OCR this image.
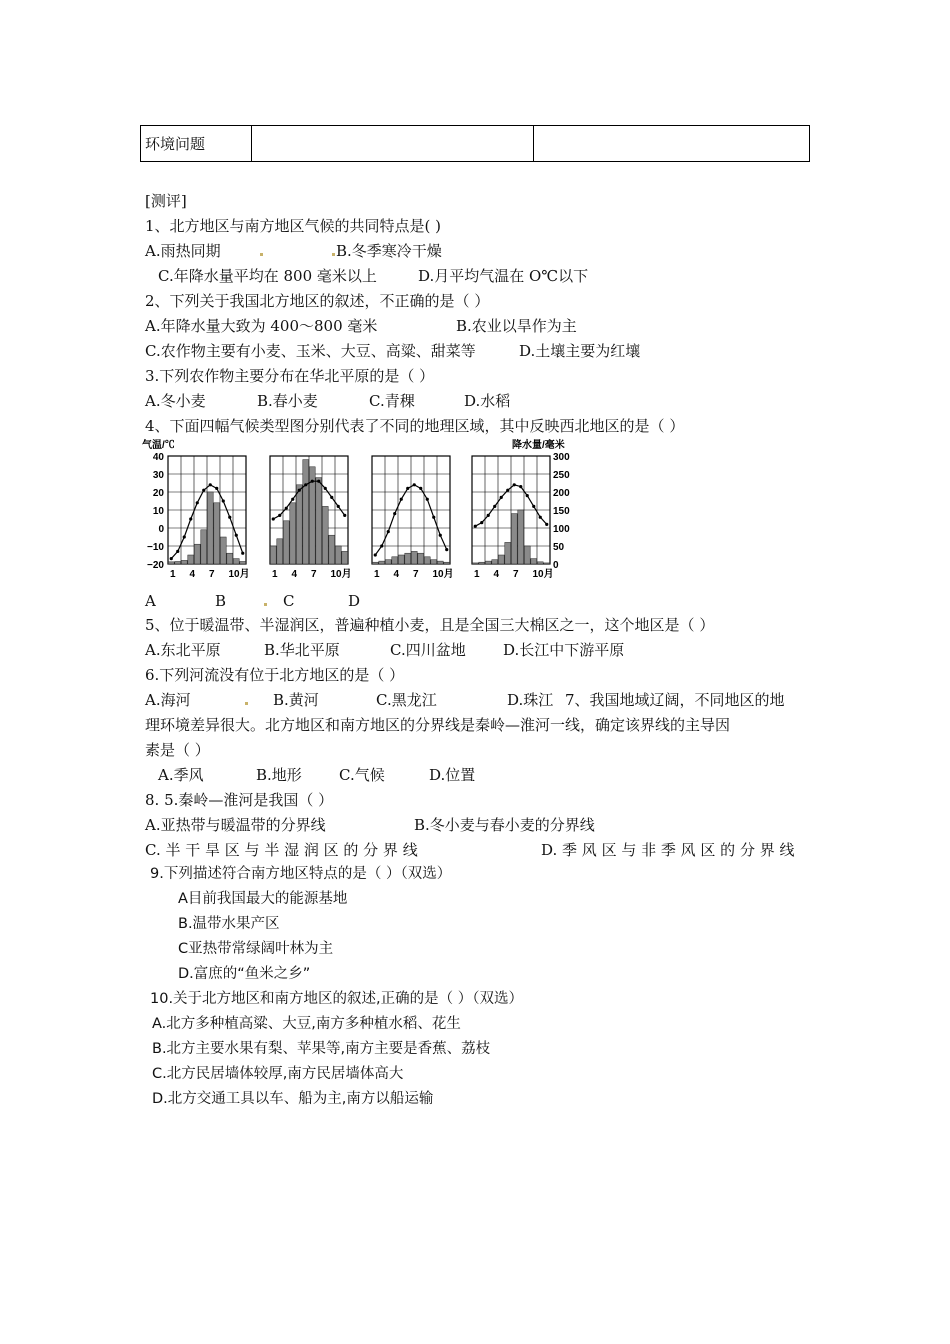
环境问题		
[测评]
1、北方地区与南方地区气候的共同特点是( )
A.雨热同期	B.冬季寒冷干燥
C.年降水量平均在 800 毫米以上	D.月平均气温在 O℃以下
2、下列关于我国北方地区的叙述，不正确的是（ ）
A.年降水量大致为 400～800 毫米	B.农业以旱作为主
C.农作物主要有小麦、玉米、大豆、高粱、甜菜等	D.土壤主要为红壤
3.下列农作物主要分布在华北平原的是（ ）
A.冬小麦	B.春小麦	C.青稞	D.水稻
4、下面四幅气候类型图分别代表了不同的地理区域，其中反映西北地区的是（ ）
气温/℃	降水量/毫米
40
30
20
10
0
−10
−20
300
250
200
150
100
50
0
1 4 7 10月 1 4 7 10月 1 4 7 10月 1 4 7 10月
A	B	C	D
5、位于暖温带、半湿润区，普遍种植小麦，且是全国三大棉区之一，这个地区是（ ）
A.东北平原	B.华北平原	C.四川盆地 D.长江中下游平原
6.下列河流没有位于北方地区的是（ ）
A.海河	B.黄河	C.黑龙江	D.珠江 7、我国地域辽阔，不同地区的地
理环境差异很大。北方地区和南方地区的分界线是秦岭—淮河一线，确定该界线的主导因
素是（ ）
A.季风	B.地形 C.气候	D.位置
8. 5.秦岭—淮河是我国（ ）
A.亚热带与暖温带的分界线	B.冬小麦与春小麦的分界线
C. 半 干 旱 区 与 半 湿 润 区 的 分 界 线	D. 季 风 区 与 非 季 风 区 的 分 界 线
9.下列描述符合南方地区特点的是（ ）（双选）
A目前我国最大的能源基地
B.温带水果产区
C亚热带常绿阔叶林为主
D.富庶的“鱼米之乡”
10.关于北方地区和南方地区的叙述,正确的是（ ）（双选）
A.北方多种植高粱、大豆,南方多种植水稻、花生
B.北方主要水果有梨、苹果等,南方主要是香蕉、荔枝
C.北方民居墙体较厚,南方民居墙体高大
D.北方交通工具以车、船为主,南方以船运输
